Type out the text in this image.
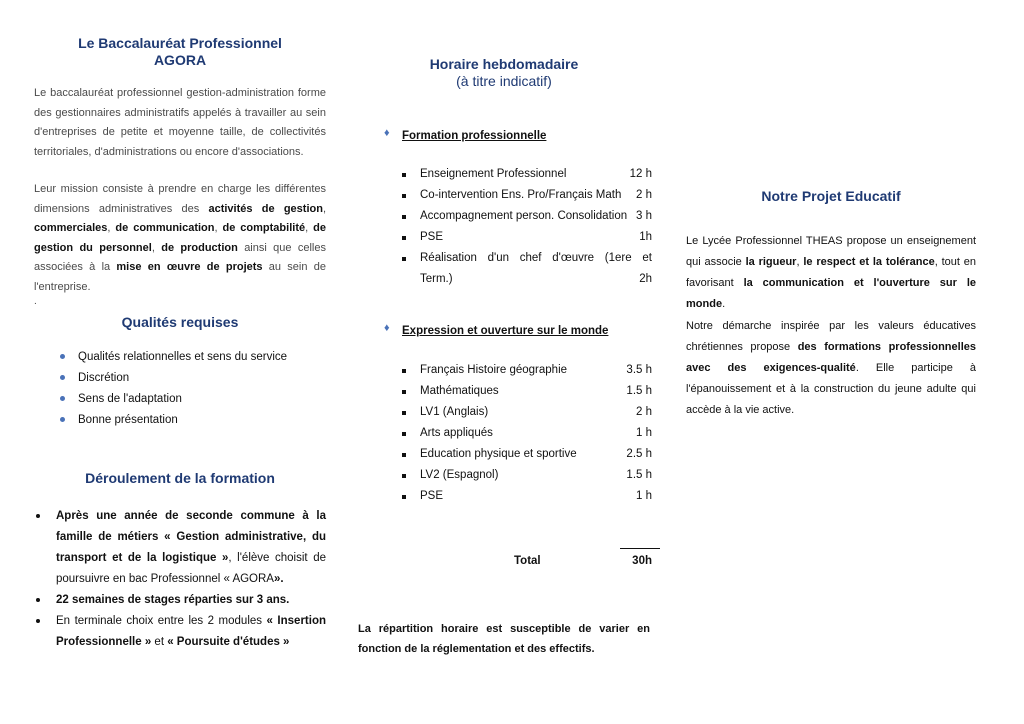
Le Baccalauréat Professionnel
AGORA

Le baccalauréat professionnel gestion-administration forme des gestionnaires administratifs appelés à travailler au sein d'entreprises de petite et moyenne taille, de collectivités territoriales, d'administrations ou encore d'associations.

Leur mission consiste à prendre en charge les différentes dimensions administratives des activités de gestion, commerciales, de communication, de comptabilité, de gestion du personnel, de production ainsi que celles associées à la mise en œuvre de projets au sein de l'entreprise.

.
Qualités requises
Qualités relationnelles et sens du service
Discrétion
Sens de l'adaptation
Bonne présentation
Déroulement de la formation
Après une année de seconde commune à la famille de métiers « Gestion administrative, du transport et de la logistique », l'élève choisit de poursuivre en bac Professionnel « AGORA».
22 semaines de stages réparties sur 3 ans.
En terminale choix entre les 2 modules « Insertion Professionnelle » et « Poursuite d'études »
Horaire hebdomadaire
(à titre indicatif)
♦ Formation professionnelle
	Enseignement Professionnel	12 h
	Co-intervention Ens. Pro/Français Math	2 h
	Accompagnement person. Consolidation	3 h
	PSE	1h
	Réalisation d'un chef d'œuvre (1ere et	
	Term.)	2h
♦ Expression et ouverture sur le monde
	Français Histoire géographie	3.5 h
	Mathématiques	1.5 h
	LV1 (Anglais)	2 h
	Arts appliqués	1 h
	Education physique et sportive	2.5 h
	LV2 (Espagnol)	1.5 h
	PSE	1 h
Total	30h

La répartition horaire est susceptible de varier en fonction de la réglementation et des effectifs.

Notre Projet Educatif

Le Lycée Professionnel THEAS propose un enseignement qui associe la rigueur, le respect et la tolérance, tout en favorisant la communication et l'ouverture sur le monde.

Notre démarche inspirée par les valeurs éducatives chrétiennes propose des formations professionnelles avec des exigences-qualité. Elle participe à l'épanouissement et à la construction du jeune adulte qui accède à la vie active.
